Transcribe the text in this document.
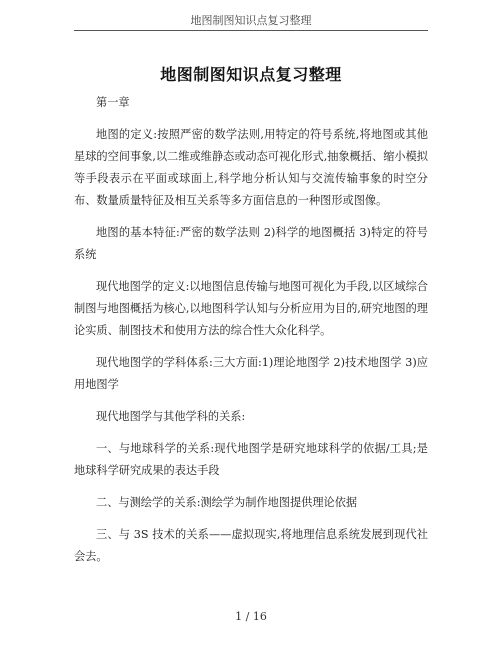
地图制图知识点复习整理
地图制图知识点复习整理

第一章

地图的定义:按照严密的数学法则,用特定的符号系统,将地图或其他星球的空间事象,以二维或维静态或动态可视化形式,抽象概括、缩小模拟等手段表示在平面或球面上,科学地分析认知与交流传输事象的时空分布、数量质量特征及相互关系等多方面信息的一种图形或图像。

地图的基本特征:严密的数学法则 2)科学的地图概括 3)特定的符号系统

现代地图学的定义:以地图信息传输与地图可视化为手段,以区域综合制图与地图概括为核心,以地图科学认知与分析应用为目的,研究地图的理论实质、制图技术和使用方法的综合性大众化科学。

现代地图学的学科体系:三大方面:1)理论地图学 2)技术地图学 3)应用地图学

现代地图学与其他学科的关系:

一、与地球科学的关系:现代地图学是研究地球科学的依据/工具;是地球科学研究成果的表达手段

二、与测绘学的关系:测绘学为制作地图提供理论依据

三、与 3S 技术的关系——虚拟现实,将地理信息系统发展到现代社会去。

1 / 16
